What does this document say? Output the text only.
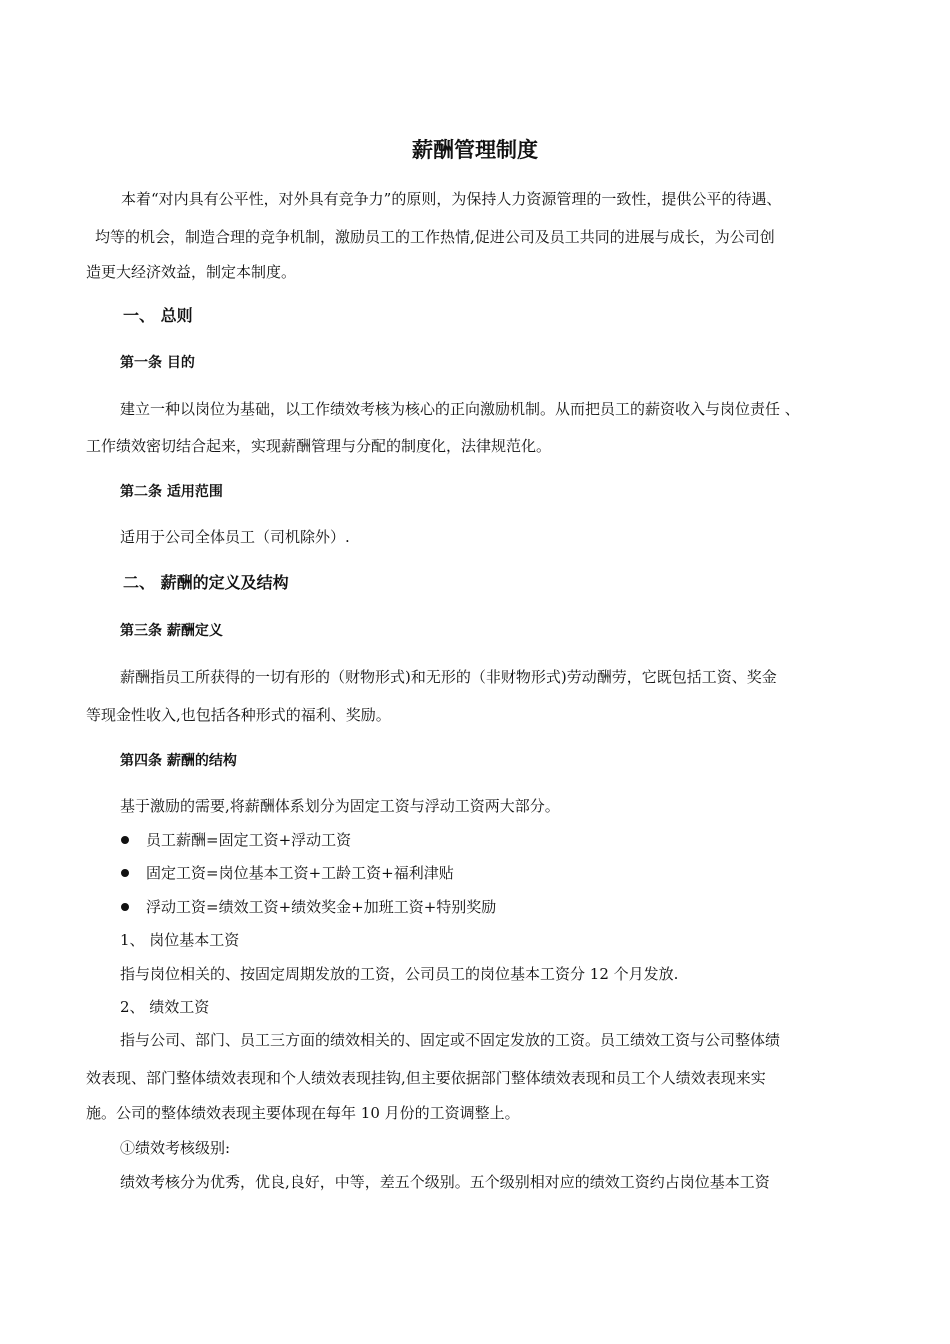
薪酬管理制度
本着“对内具有公平性，对外具有竞争力”的原则，为保持人力资源管理的一致性，提供公平的待遇、
均等的机会，制造合理的竞争机制，激励员工的工作热情,促进公司及员工共同的进展与成长，为公司创
造更大经济效益，制定本制度。
一、 总则
第一条 目的
建立一种以岗位为基础，以工作绩效考核为核心的正向激励机制。从而把员工的薪资收入与岗位责任 、
工作绩效密切结合起来，实现薪酬管理与分配的制度化，法律规范化。
第二条 适用范围
适用于公司全体员工（司机除外）.
二、 薪酬的定义及结构
第三条 薪酬定义
薪酬指员工所获得的一切有形的（财物形式)和无形的（非财物形式)劳动酬劳，它既包括工资、奖金
等现金性收入,也包括各种形式的福利、奖励。
第四条 薪酬的结构
基于激励的需要,将薪酬体系划分为固定工资与浮动工资两大部分。
员工薪酬=固定工资+浮动工资
固定工资=岗位基本工资+工龄工资+福利津贴
浮动工资=绩效工资+绩效奖金+加班工资+特别奖励
1、 岗位基本工资
指与岗位相关的、按固定周期发放的工资，公司员工的岗位基本工资分 12 个月发放.
2、 绩效工资
指与公司、部门、员工三方面的绩效相关的、固定或不固定发放的工资。员工绩效工资与公司整体绩
效表现、部门整体绩效表现和个人绩效表现挂钩,但主要依据部门整体绩效表现和员工个人绩效表现来实
施。公司的整体绩效表现主要体现在每年 10 月份的工资调整上。
①绩效考核级别:
绩效考核分为优秀，优良,良好，中等，差五个级别。五个级别相对应的绩效工资约占岗位基本工资
